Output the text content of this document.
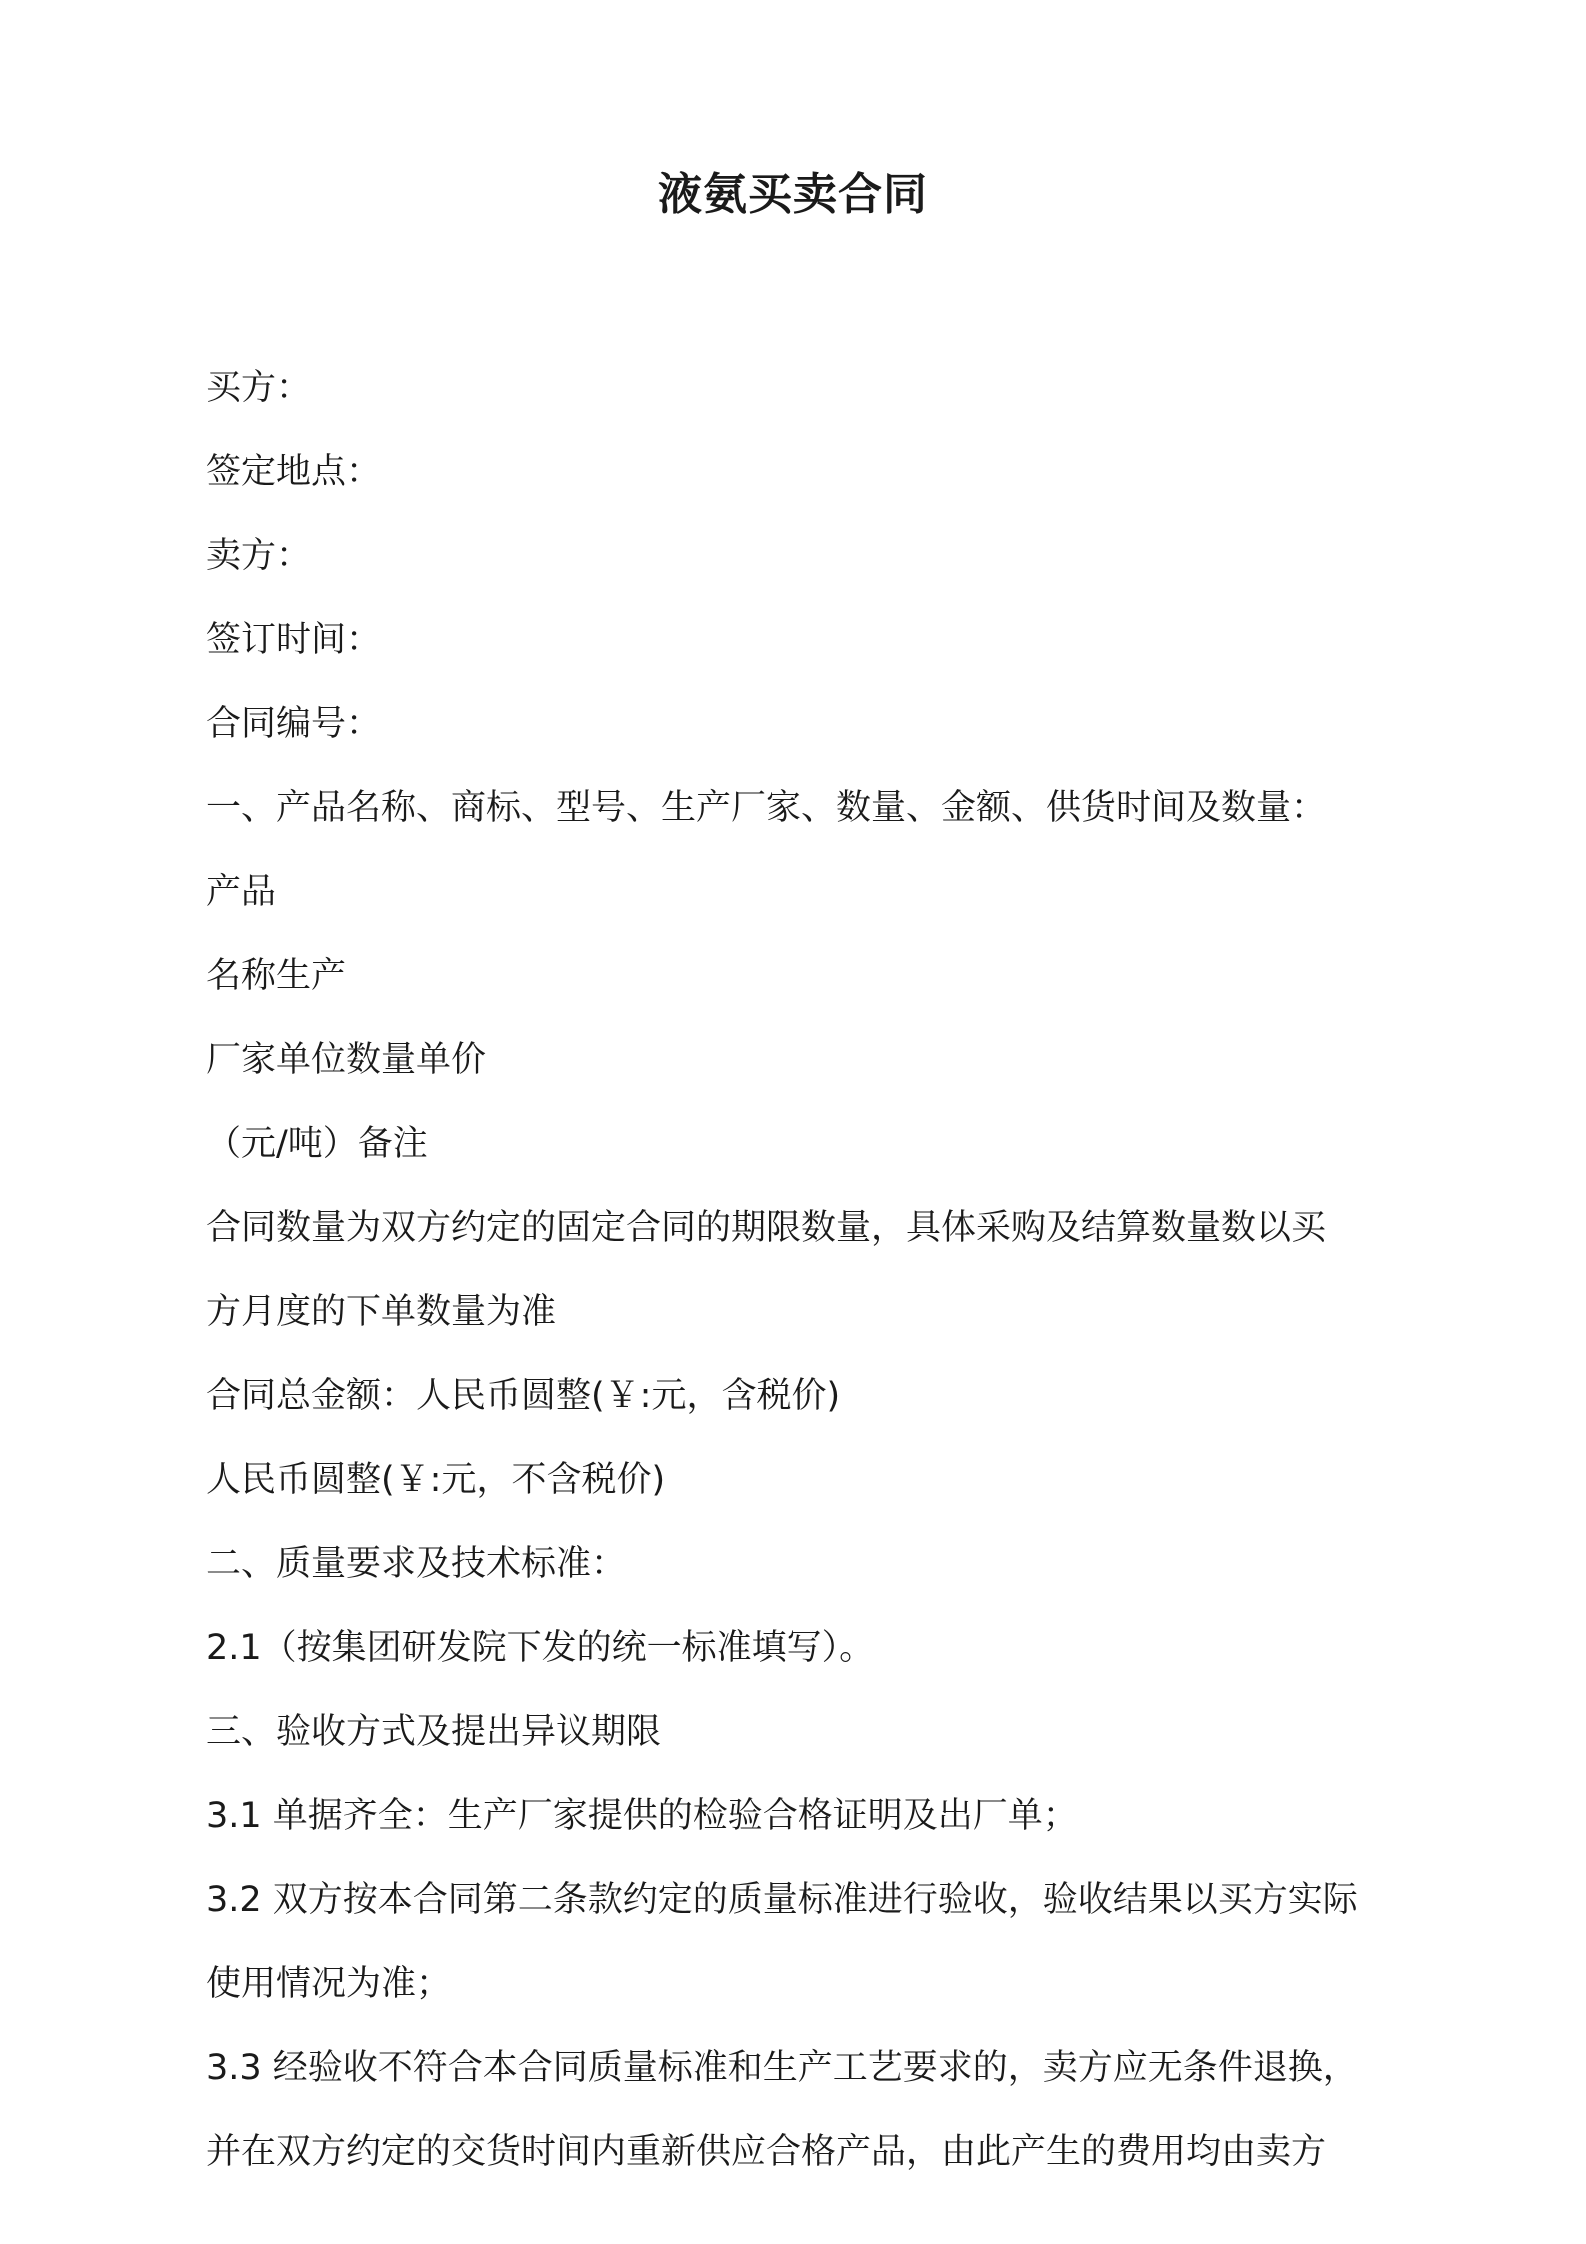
液氨买卖合同
买方：
签定地点：
卖方：
签订时间：
合同编号：
一、产品名称、商标、型号、生产厂家、数量、金额、供货时间及数量：
产品
名称生产
厂家单位数量单价
（元/吨）备注
合同数量为双方约定的固定合同的期限数量，具体采购及结算数量数以买
方月度的下单数量为准
合同总金额：人民币圆整(￥:元，含税价)
人民币圆整(￥:元，不含税价)
二、质量要求及技术标准：
2.1（按集团研发院下发的统一标准填写）。
三、验收方式及提出异议期限
3.1 单据齐全：生产厂家提供的检验合格证明及出厂单；
3.2 双方按本合同第二条款约定的质量标准进行验收，验收结果以买方实际
使用情况为准；
3.3 经验收不符合本合同质量标准和生产工艺要求的，卖方应无条件退换，
并在双方约定的交货时间内重新供应合格产品，由此产生的费用均由卖方
